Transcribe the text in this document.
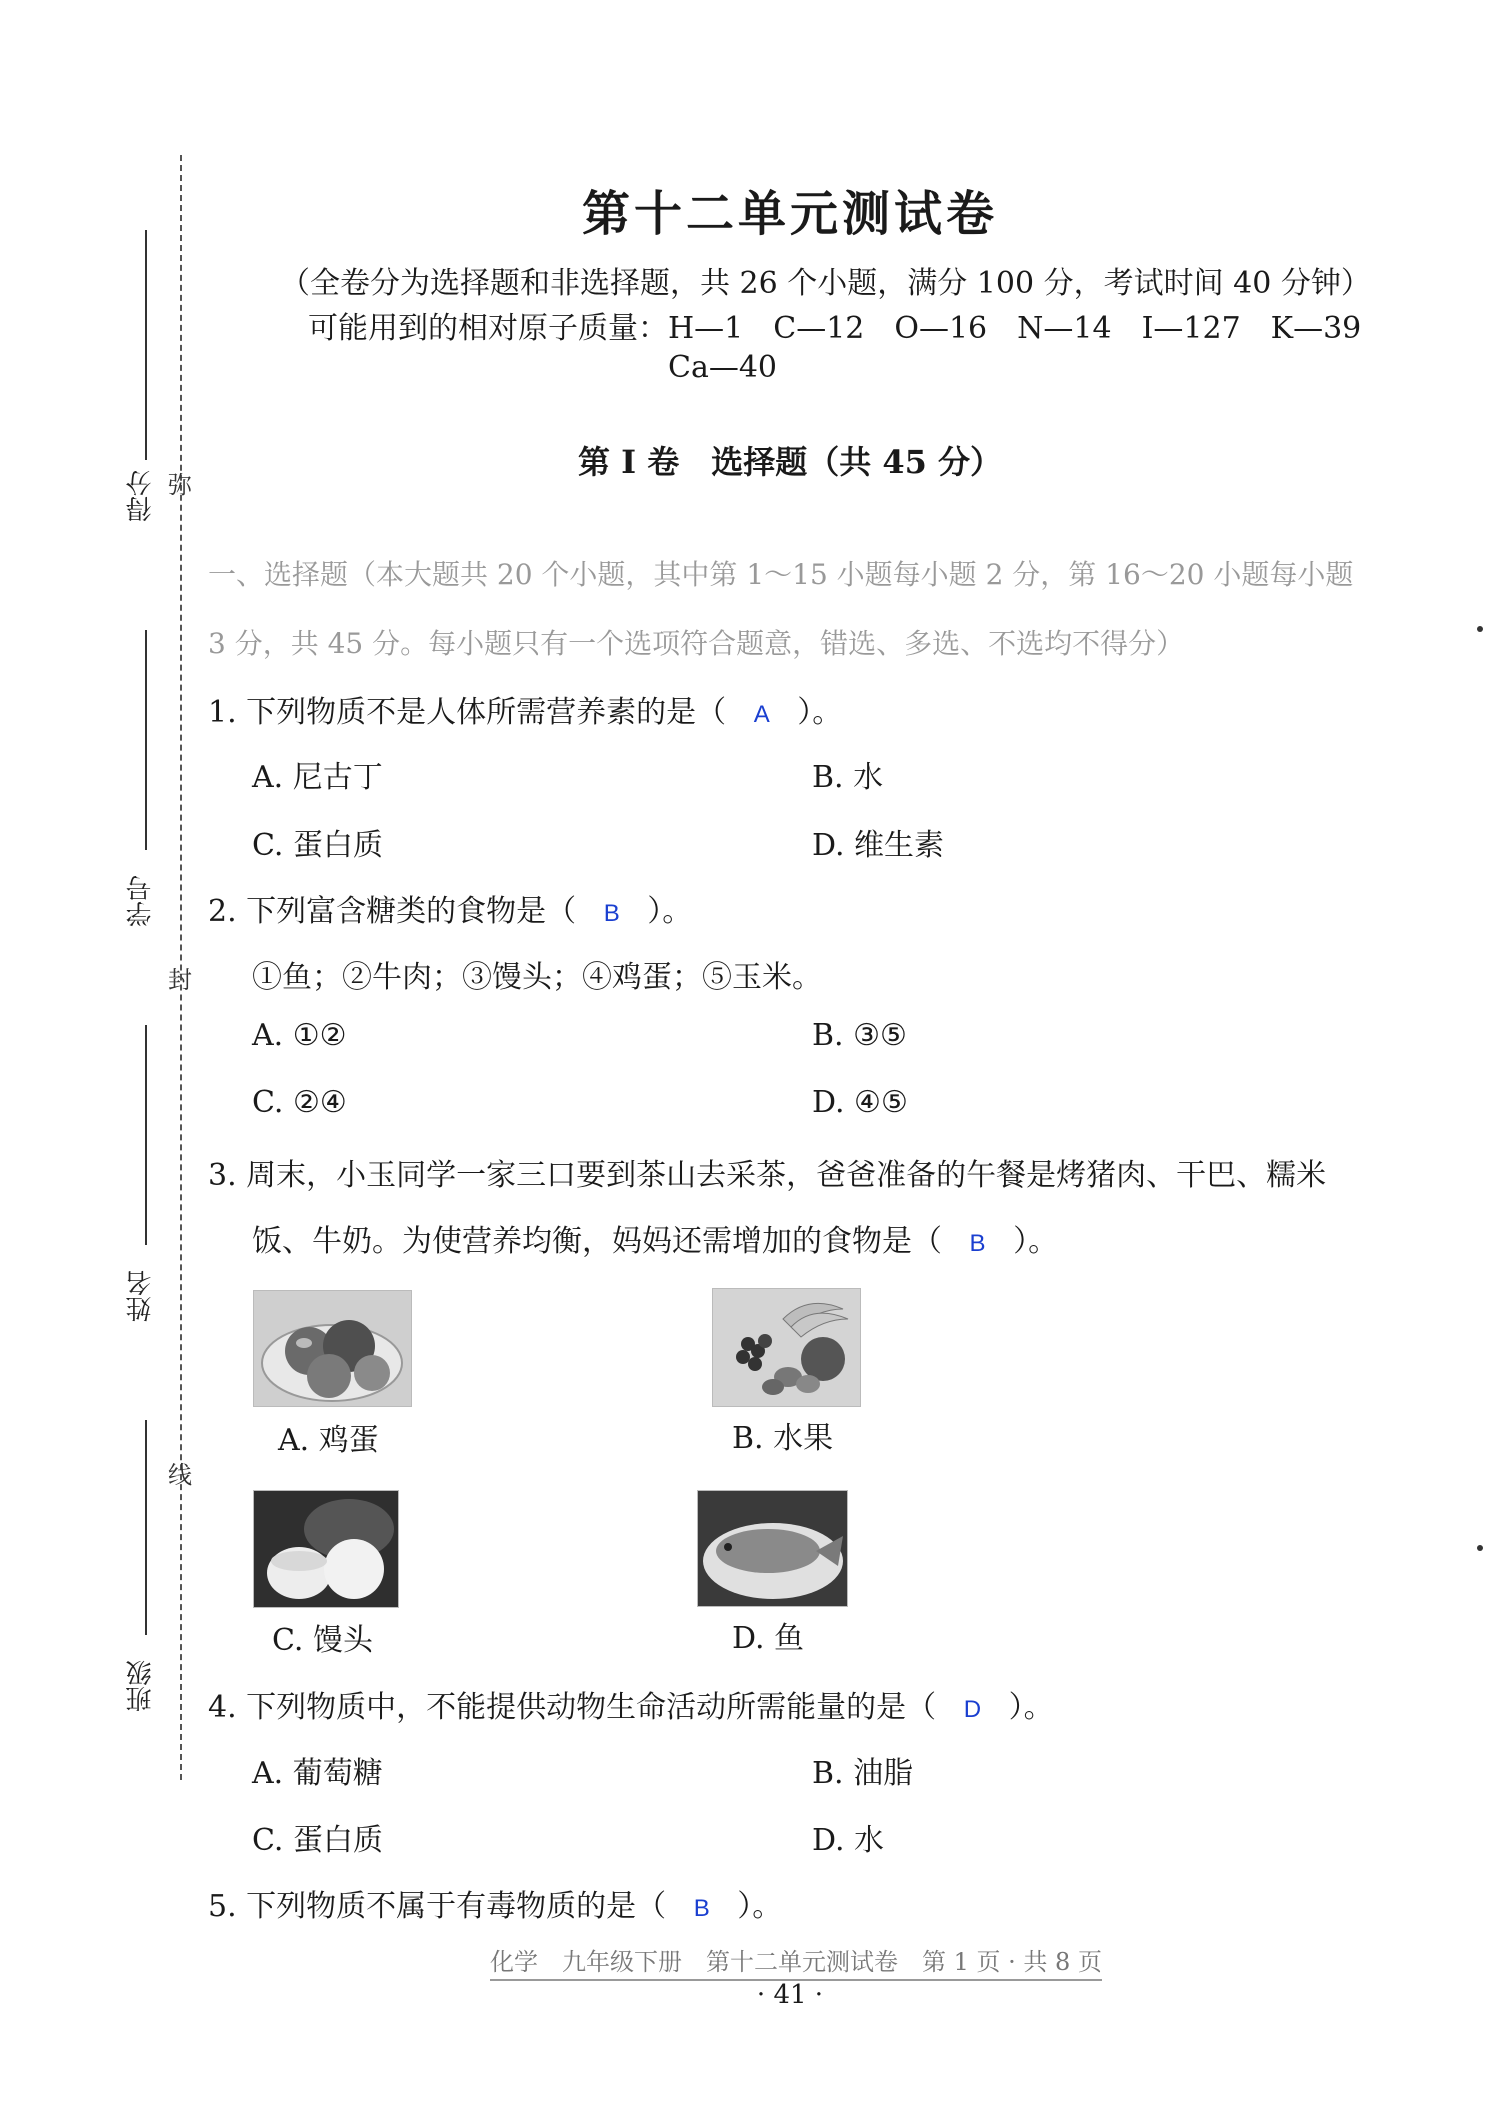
得分 弥
学号
封
姓名
线
班级
第十二单元测试卷
（全卷分为选择题和非选择题，共 26 个小题，满分 100 分，考试时间 40 分钟）
可能用到的相对原子质量：H—1　C—12　O—16　N—14　I—127　K—39
Ca—40
第 I 卷　选择题（共 45 分）
一、选择题（本大题共 20 个小题，其中第 1～15 小题每小题 2 分，第 16～20 小题每小题
3 分，共 45 分。每小题只有一个选项符合题意，错选、多选、不选均不得分）
1. 下列物质不是人体所需营养素的是（ A ）。
A. 尼古丁	B. 水
C. 蛋白质	D. 维生素
2. 下列富含糖类的食物是（ B ）。
①鱼；②牛肉；③馒头；④鸡蛋；⑤玉米。
A. ①②	B. ③⑤
C. ②④	D. ④⑤
3. 周末，小玉同学一家三口要到茶山去采茶，爸爸准备的午餐是烤猪肉、干巴、糯米
饭、牛奶。为使营养均衡，妈妈还需增加的食物是（ B ）。
A. 鸡蛋	B. 水果
C. 馒头	D. 鱼
4. 下列物质中，不能提供动物生命活动所需能量的是（ D ）。
A. 葡萄糖	B. 油脂
C. 蛋白质	D. 水
5. 下列物质不属于有毒物质的是（ B ）。
化学　九年级下册　第十二单元测试卷　第 1 页 · 共 8 页
· 41 ·
